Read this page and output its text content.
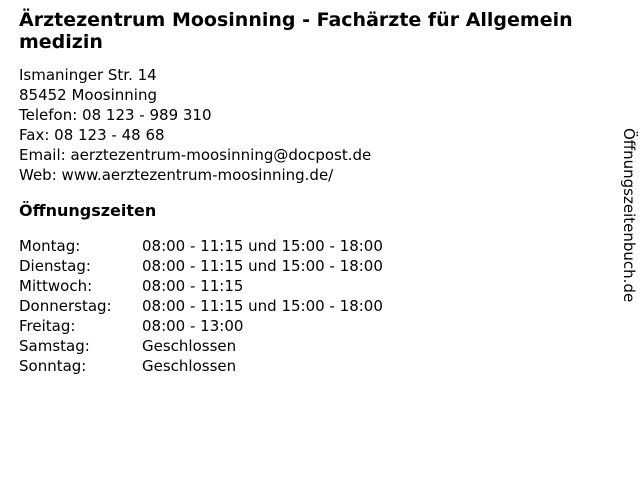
Ärztezentrum Moosinning - Fachärzte für Allgemein
medizin
Ismaninger Str. 14
85452 Moosinning
Telefon: 08 123 - 989 310
Fax: 08 123 - 48 68
Email: aerztezentrum-moosinning@docpost.de
Web: www.aerztezentrum-moosinning.de/
Öffnungszeiten
Montag:	08:00 - 11:15 und 15:00 - 18:00
Dienstag:	08:00 - 11:15 und 15:00 - 18:00
Mittwoch:	08:00 - 11:15
Donnerstag:	08:00 - 11:15 und 15:00 - 18:00
Freitag:	08:00 - 13:00
Samstag:	Geschlossen
Sonntag:	Geschlossen
Öffnungszeitenbuch.de
